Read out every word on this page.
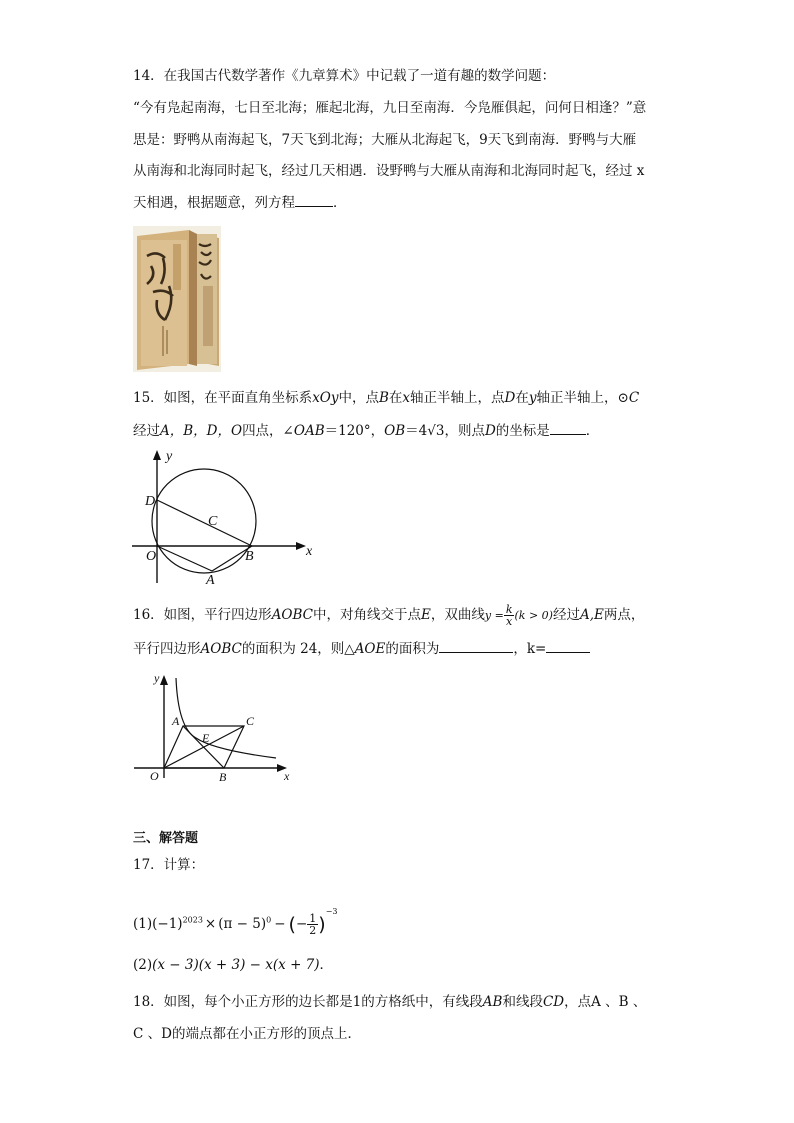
14．在我国古代数学著作《九章算术》中记载了一道有趣的数学问题：
“今有凫起南海，七日至北海；雁起北海，九日至南海．今凫雁俱起，问何日相逢？”意
思是：野鸭从南海起飞，7天飞到北海；大雁从北海起飞，9天飞到南海．野鸭与大雁
从南海和北海同时起飞，经过几天相遇．设野鸭与大雁从南海和北海同时起飞，经过 x
天相遇，根据题意，列方程	．
15．如图，在平面直角坐标系xOy中，点B在x轴正半轴上，点D在y轴正半轴上，⊙C
经过A，B，D，O四点，∠OAB＝120°，OB＝4√3，则点D的坐标是	．
y
x
D
C
O	B
A
16．如图，平行四边形AOBC中，对角线交于点E，双曲线$y = \frac{k}{x} (k > 0)$经过A,E两点，
平行四边形AOBC的面积为 24，则△AOE的面积为	，k=
y
x
A	C
E
O	B
三、解答题
17．计算：
$(1)(-1)^{2023} \times (\pi - 5)^0$ − (− $\frac{1}{2} )^{-3}$
(2)(x − 3)(x + 3) − x(x + 7)．
18．如图，每个小正方形的边长都是1的方格纸中，有线段AB和线段CD，点A 、B 、
C 、D的端点都在小正方形的顶点上．
